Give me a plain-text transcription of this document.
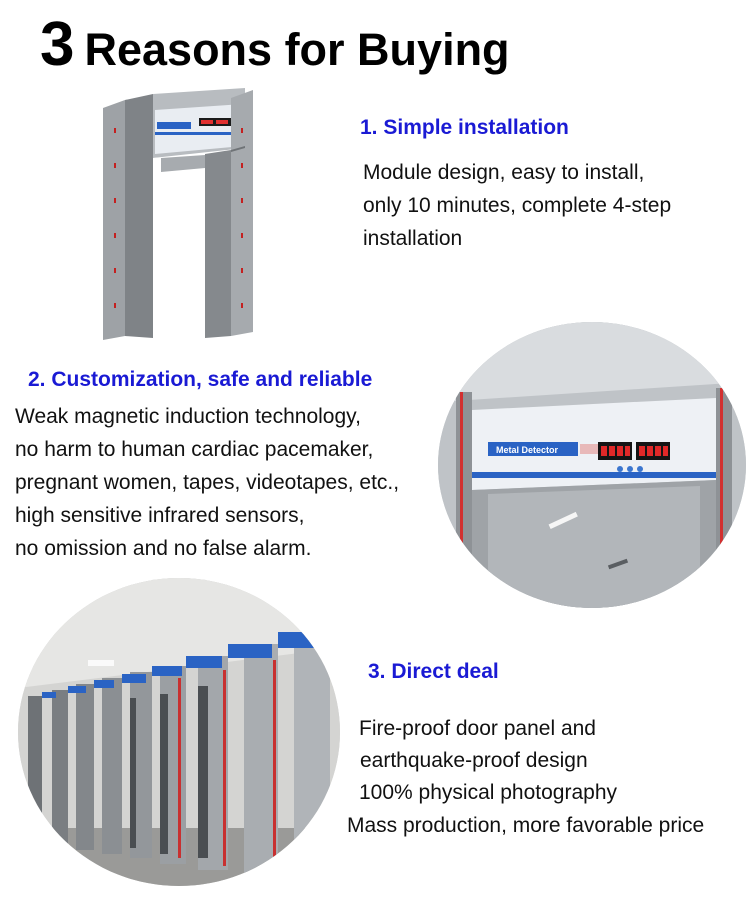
3 Reasons for Buying
1. Simple installation
Module design, easy to install,
only 10 minutes, complete 4-step
installation
2. Customization, safe and reliable
Weak magnetic induction technology,
no harm to human cardiac pacemaker,
pregnant women, tapes, videotapes, etc.,
high sensitive infrared sensors,
no omission and no false alarm.
Metal Detector
3. Direct deal
Fire-proof door panel and
earthquake-proof design
100% physical photography
Mass production, more favorable price
